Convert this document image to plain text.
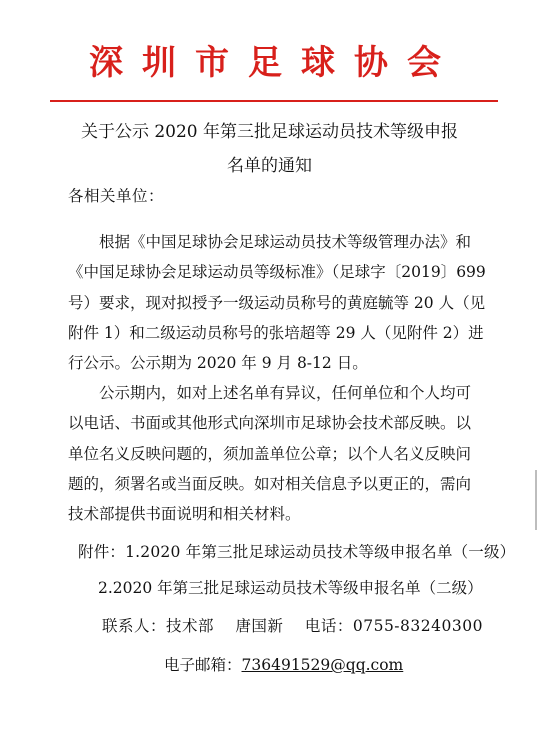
深圳市足球协会
关于公示 2020 年第三批足球运动员技术等级申报
名单的通知
各相关单位：
根据《中国足球协会足球运动员技术等级管理办法》和
《中国足球协会足球运动员等级标准》（足球字〔2019〕699
号）要求，现对拟授予一级运动员称号的黄庭毓等 20 人（见
附件 1）和二级运动员称号的张培超等 29 人（见附件 2）进
行公示。公示期为 2020 年 9 月 8-12 日。
公示期内，如对上述名单有异议，任何单位和个人均可
以电话、书面或其他形式向深圳市足球协会技术部反映。以
单位名义反映问题的，须加盖单位公章；以个人名义反映问
题的，须署名或当面反映。如对相关信息予以更正的，需向
技术部提供书面说明和相关材料。
附件：1.2020 年第三批足球运动员技术等级申报名单（一级）
2.2020 年第三批足球运动员技术等级申报名单（二级）
联系人：技术部　 唐国新　 电话：0755-83240300
电子邮箱：736491529@qq.com
